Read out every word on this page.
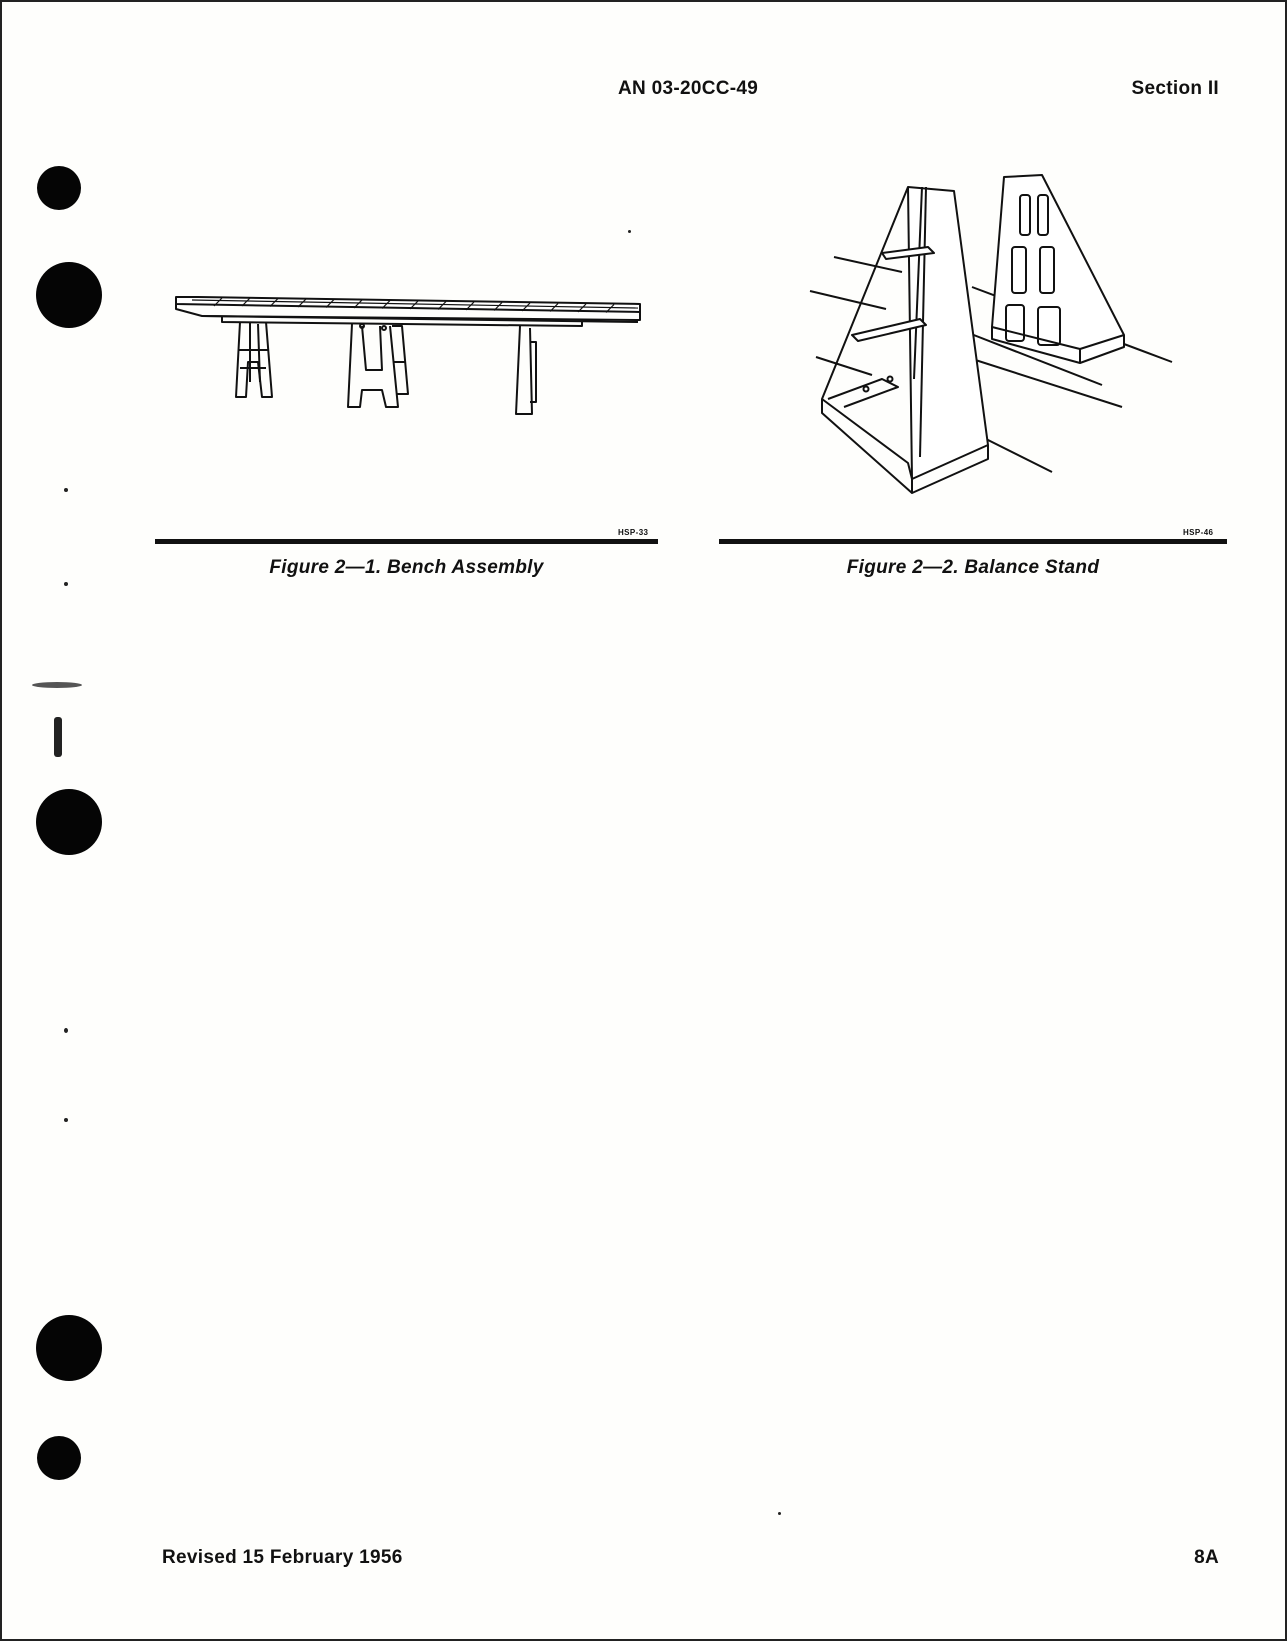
AN 03-20CC-49	Section II
HSP-33
Figure 2—1. Bench Assembly
HSP-46
Figure 2—2. Balance Stand
Revised 15 February 1956	8A
